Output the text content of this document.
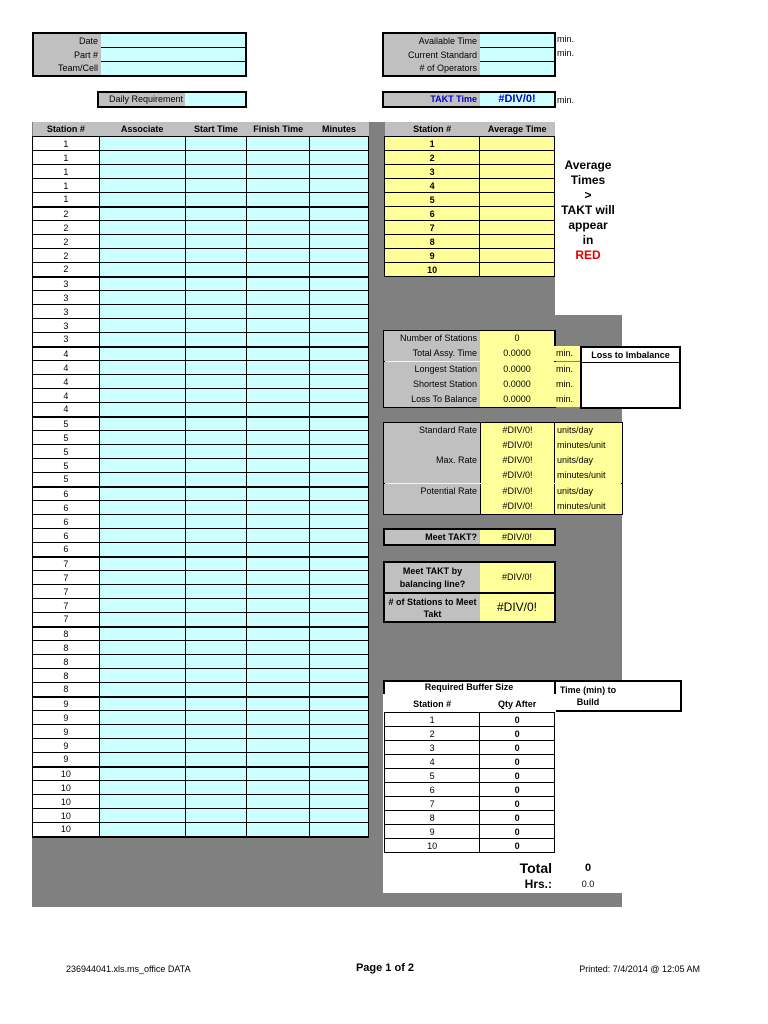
Date
Part #
Team/Cell
Daily Requirement
Available Time
Current Standard
# of Operators
min.
min.
TAKT Time	#DIV/0!	min.
Station #	Associate	Start Time	Finish Time	Minutes
1				
1				
1				
1				
1				
2				
2				
2				
2				
2				
3				
3				
3				
3				
3				
4				
4				
4				
4				
4				
5				
5				
5				
5				
5				
6				
6				
6				
6				
6				
7				
7				
7				
7				
7				
8				
8				
8				
8				
8				
9				
9				
9				
9				
9				
10				
10				
10				
10				
10				
Station #	Average Time
1	
2	
3	
4	
5	
6	
7	
8	
9	
10	
Average
Times
>
TAKT will
appear
in
RED
Number of Stations	0
Total Assy. Time	0.0000	min.
Longest Station	0.0000	min.
Shortest Station	0.0000	min.
Loss To Balance	0.0000	min.
Loss to Imbalance
Standard Rate	#DIV/0!	units/day
#DIV/0!	minutes/unit
Max. Rate	#DIV/0!	units/day
#DIV/0!	minutes/unit
Potential Rate	#DIV/0!	units/day
#DIV/0!	minutes/unit
Meet TAKT?	#DIV/0!
Meet TAKT by balancing line?
#DIV/0!
# of Stations to Meet Takt	#DIV/0!
Required Buffer Size	Time (min) to Build
Station #	Qty After
1	0
2	0
3	0
4	0
5	0
6	0
7	0
8	0
9	0
10	0
Total	0
Hrs.:	0.0
236944041.xls.ms_office DATA	Page 1 of 2	Printed: 7/4/2014 @ 12:05 AM
